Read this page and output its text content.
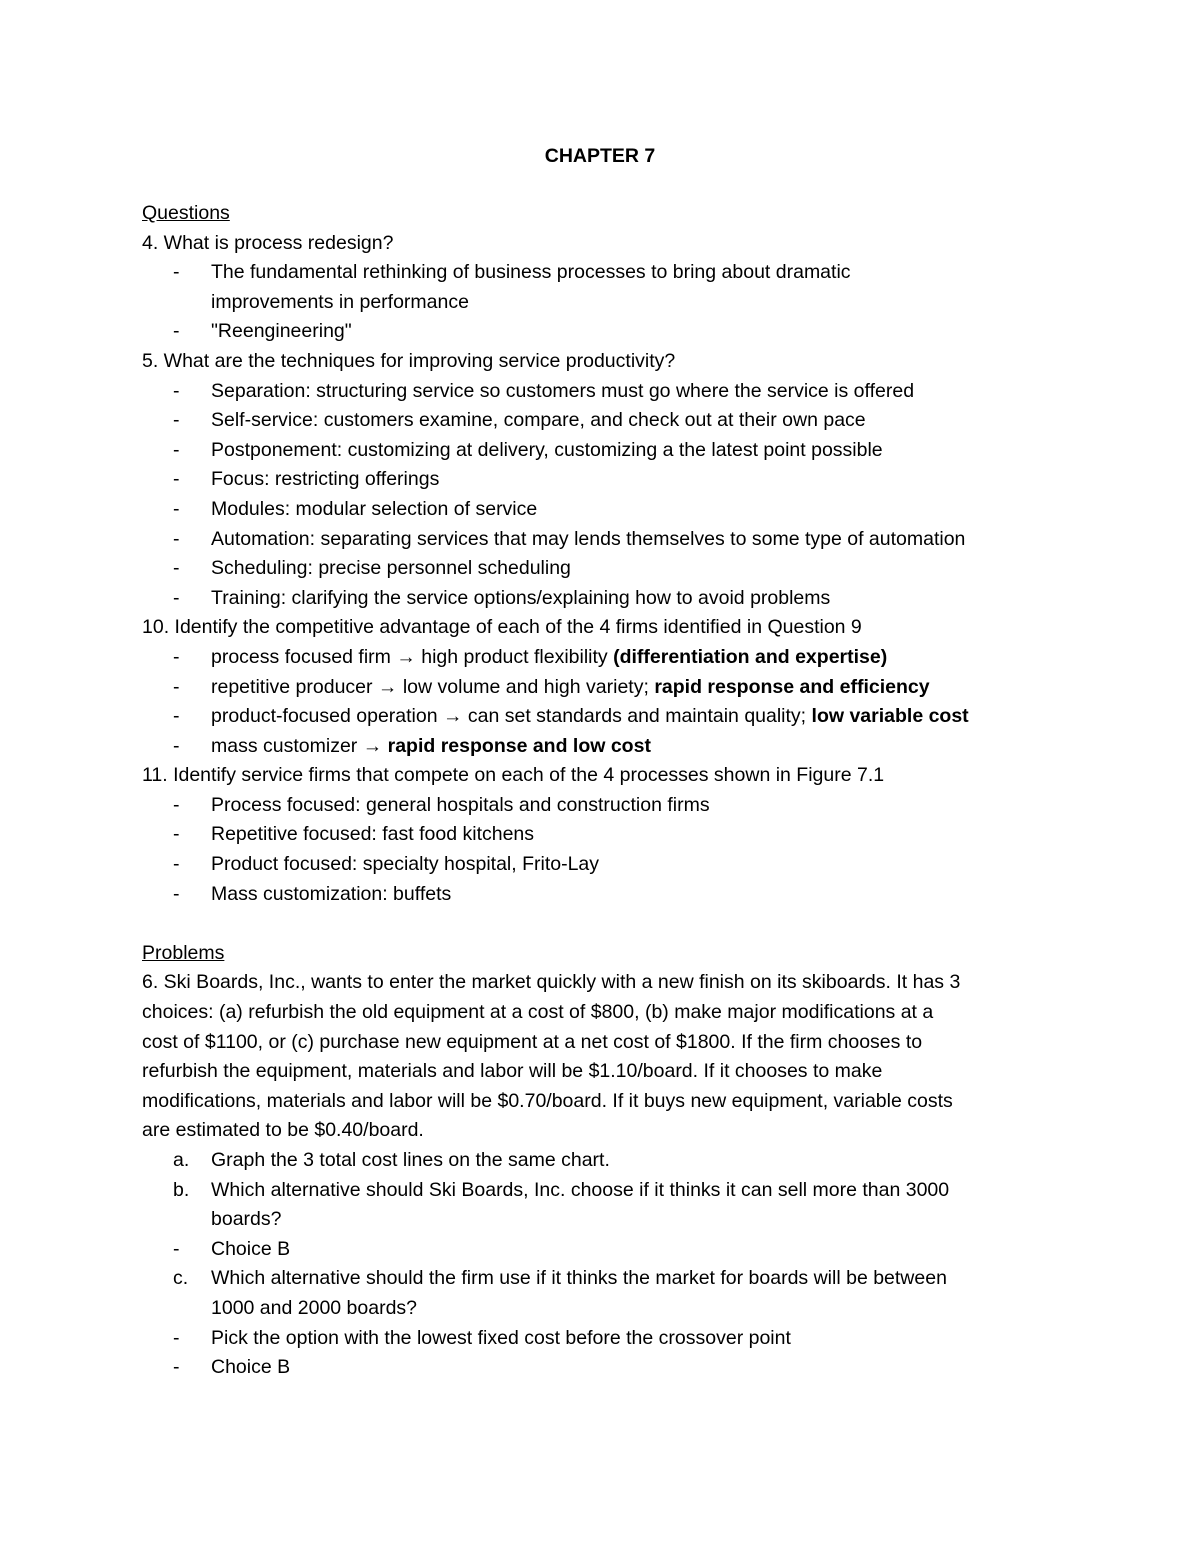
CHAPTER 7
Questions
4. What is process redesign?
- The fundamental rethinking of business processes to bring about dramatic
improvements in performance
- "Reengineering"
5. What are the techniques for improving service productivity?
- Separation: structuring service so customers must go where the service is offered
- Self-service: customers examine, compare, and check out at their own pace
- Postponement: customizing at delivery, customizing a the latest point possible
- Focus: restricting offerings
- Modules: modular selection of service
- Automation: separating services that may lends themselves to some type of automation
- Scheduling: precise personnel scheduling
- Training: clarifying the service options/explaining how to avoid problems
10. Identify the competitive advantage of each of the 4 firms identified in Question 9
- process focused firm → high product flexibility (differentiation and expertise)
- repetitive producer → low volume and high variety; rapid response and efficiency
- product-focused operation → can set standards and maintain quality; low variable cost
- mass customizer → rapid response and low cost
11. Identify service firms that compete on each of the 4 processes shown in Figure 7.1
- Process focused: general hospitals and construction firms
- Repetitive focused: fast food kitchens
- Product focused: specialty hospital, Frito-Lay
- Mass customization: buffets
Problems
6. Ski Boards, Inc., wants to enter the market quickly with a new finish on its skiboards. It has 3
choices: (a) refurbish the old equipment at a cost of $800, (b) make major modifications at a
cost of $1100, or (c) purchase new equipment at a net cost of $1800. If the firm chooses to
refurbish the equipment, materials and labor will be $1.10/board. If it chooses to make
modifications, materials and labor will be $0.70/board. If it buys new equipment, variable costs
are estimated to be $0.40/board.
a. Graph the 3 total cost lines on the same chart.
b. Which alternative should Ski Boards, Inc. choose if it thinks it can sell more than 3000
boards?
- Choice B
c. Which alternative should the firm use if it thinks the market for boards will be between
1000 and 2000 boards?
- Pick the option with the lowest fixed cost before the crossover point
- Choice B
